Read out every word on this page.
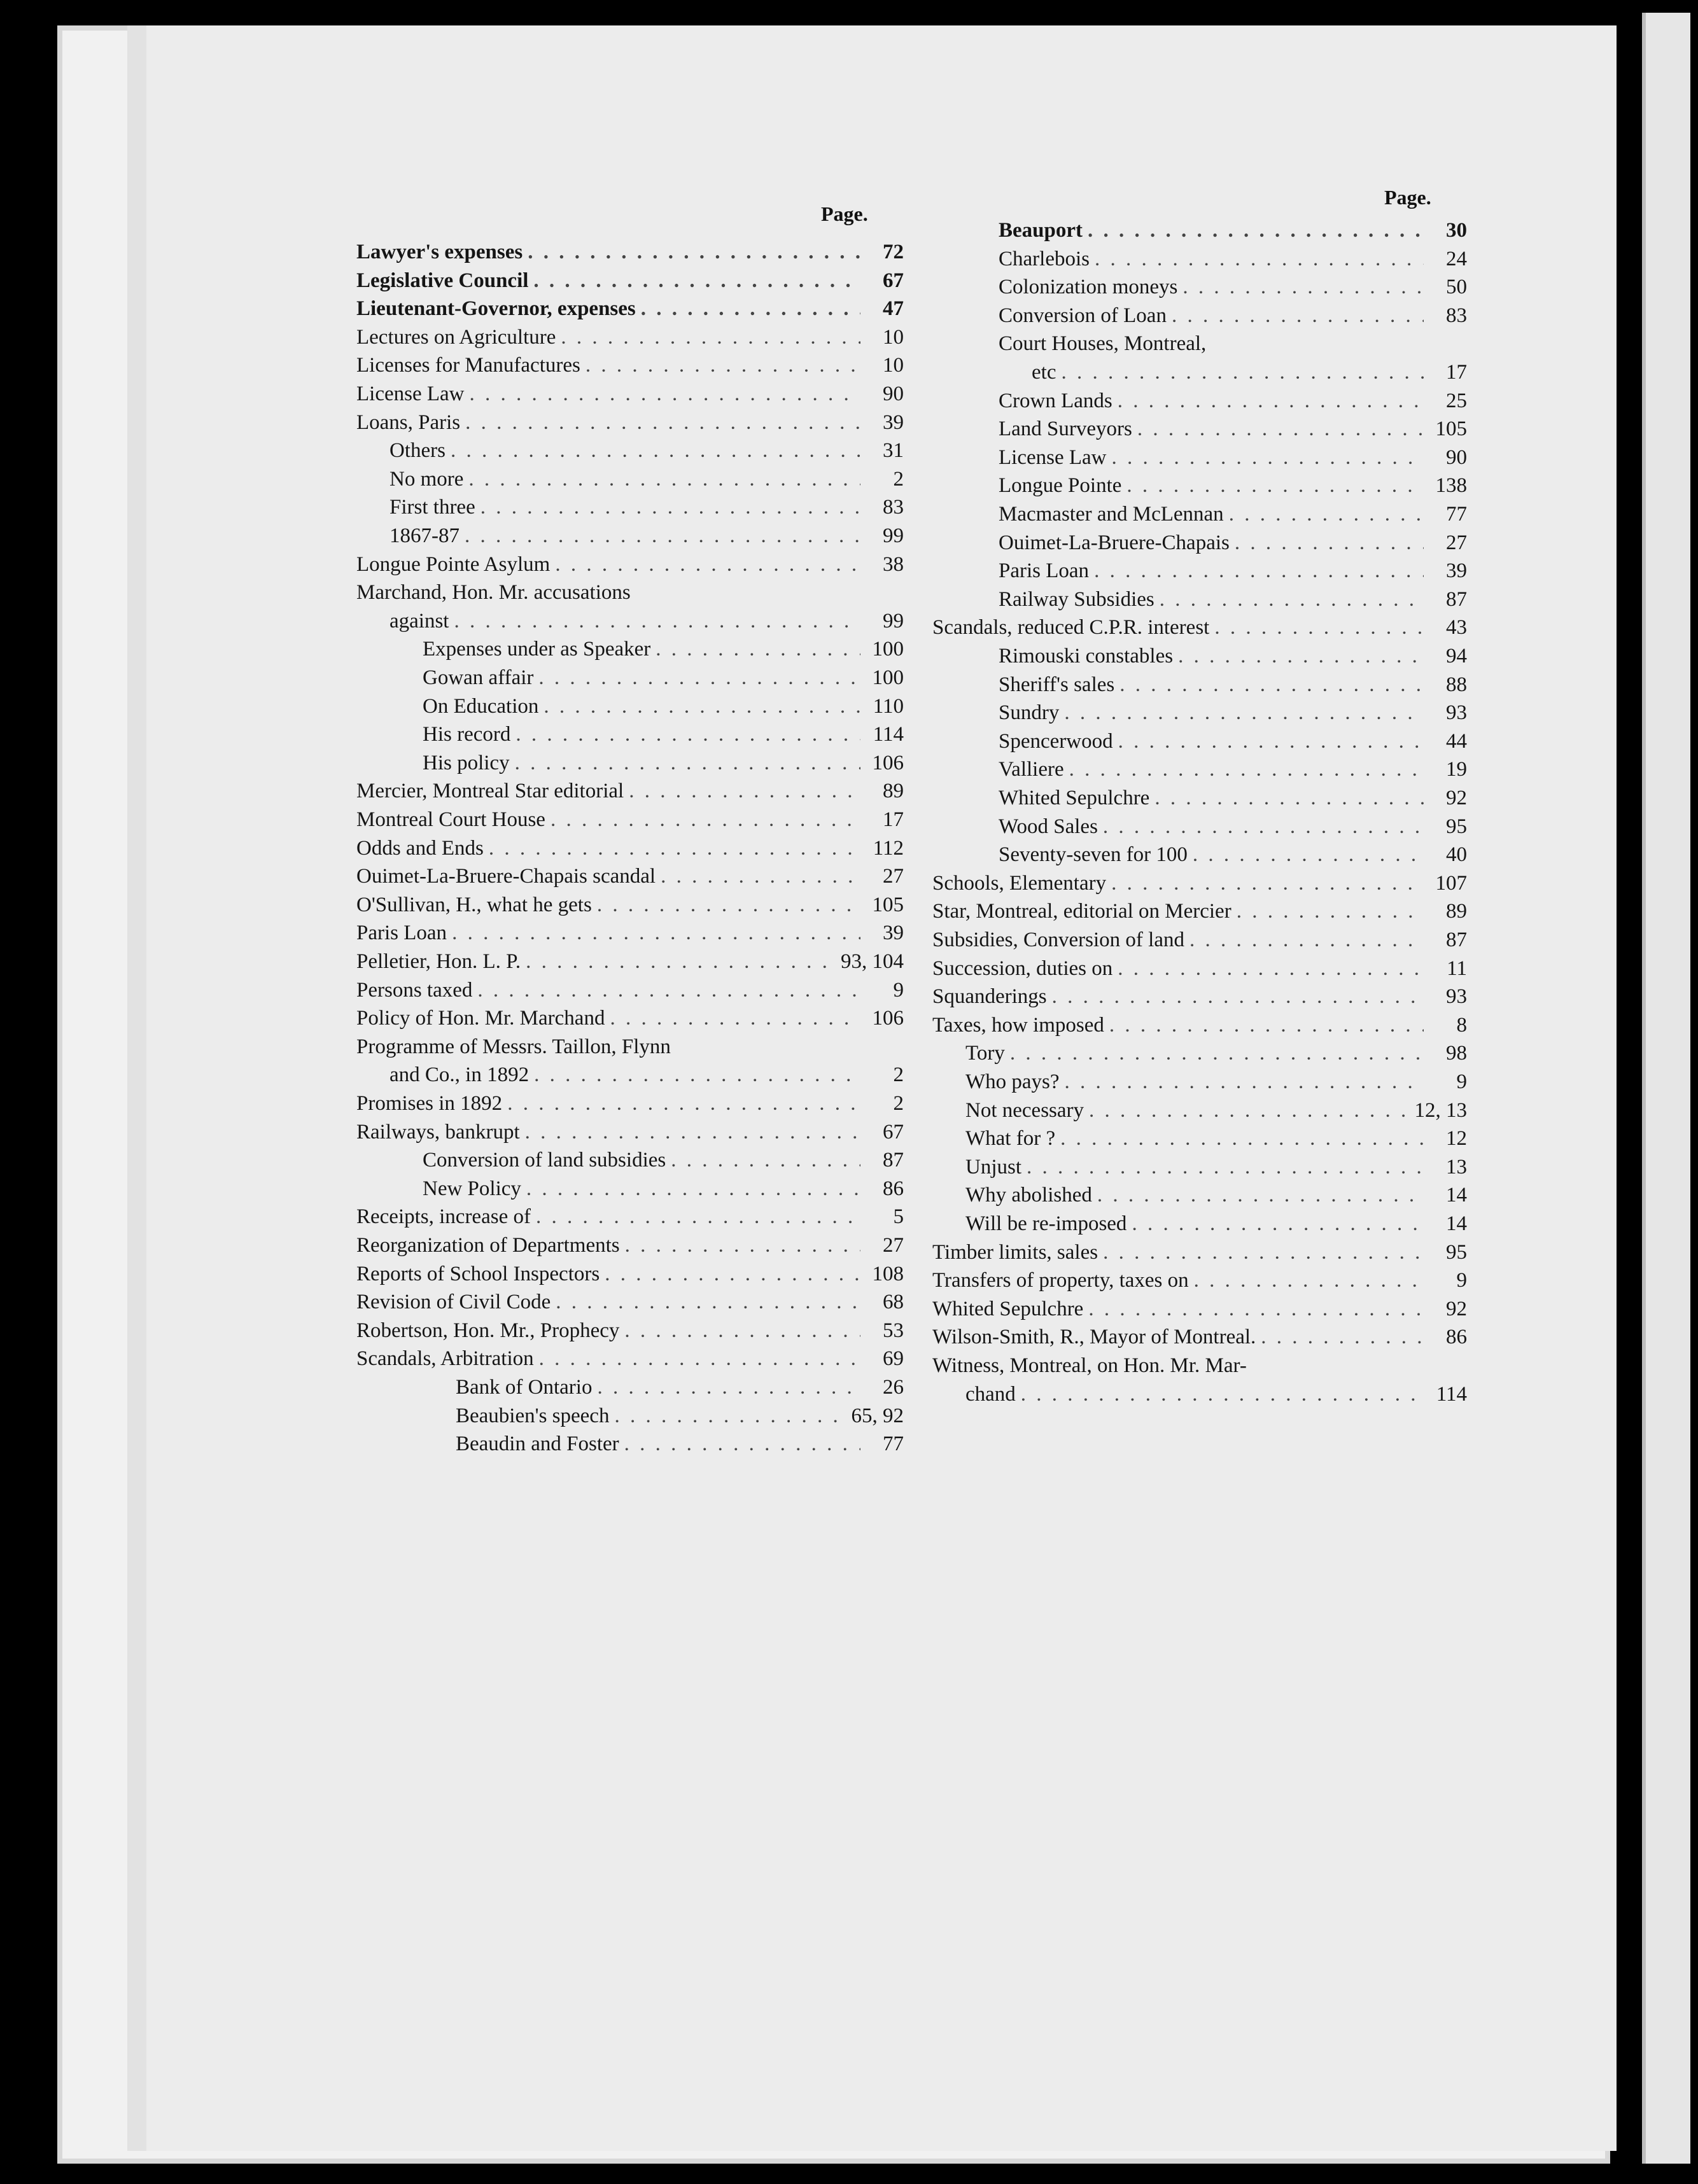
Page.
Lawyer's expenses . . .	72
Legislative Council . . .	67
Lieutenant-Governor, expenses . . .	47
Lectures on Agriculture . . .	10
Licenses for Manufactures . . .	10
License Law . . .	90
Loans, Paris . . .	39
Others . . .	31
No more . . .	2
First three . . .	83
1867-87 . . .	99
Longue Pointe Asylum . . .	38
Marchand, Hon. Mr. accusations
against . . .	99
Expenses under as Speaker . . .	100
Gowan affair . . .	100
On Education . . .	110
His record . . .	114
His policy . . .	106
Mercier, Montreal Star editorial . . .	89
Montreal Court House . . .	17
Odds and Ends . . .	112
Ouimet-La-Bruere-Chapais scandal . . .	27
O'Sullivan, H., what he gets . . .	105
Paris Loan . . .	39
Pelletier, Hon. L. P. . . .	93, 104
Persons taxed . . .	9
Policy of Hon. Mr. Marchand . . .	106
Programme of Messrs. Taillon, Flynn
and Co., in 1892 . . .	2
Promises in 1892 . . .	2
Railways, bankrupt . . .	67
Conversion of land subsidies . . .	87
New Policy . . .	86
Receipts, increase of . . .	5
Reorganization of Departments . . .	27
Reports of School Inspectors . . .	108
Revision of Civil Code . . .	68
Robertson, Hon. Mr., Prophecy . . .	53
Scandals, Arbitration . . .	69
Bank of Ontario . . .	26
Beaubien's speech . . .	65, 92
Beaudin and Foster . . .	77
Page.
Beauport . . .	30
Charlebois . . .	24
Colonization moneys . . .	50
Conversion of Loan . . .	83
Court Houses, Montreal,
etc . . .	17
Crown Lands . . .	25
Land Surveyors . . .	105
License Law . . .	90
Longue Pointe . . .	138
Macmaster and McLennan . . .	77
Ouimet-La-Bruere-Chapais . . .	27
Paris Loan . . .	39
Railway Subsidies . . .	87
Scandals, reduced C.P.R. interest . . .	43
Rimouski constables . . .	94
Sheriff's sales . . .	88
Sundry . . .	93
Spencerwood . . .	44
Valliere . . .	19
Whited Sepulchre . . .	92
Wood Sales . . .	95
Seventy-seven for 100 . . .	40
Schools, Elementary . . .	107
Star, Montreal, editorial on Mercier . . .	89
Subsidies, Conversion of land . . .	87
Succession, duties on . . .	11
Squanderings . . .	93
Taxes, how imposed . . .	8
Tory . . .	98
Who pays? . . .	9
Not necessary . . .	12, 13
What for ? . . .	12
Unjust . . .	13
Why abolished . . .	14
Will be re-imposed . . .	14
Timber limits, sales . . .	95
Transfers of property, taxes on . . .	9
Whited Sepulchre . . .	92
Wilson-Smith, R., Mayor of Montreal. . . .	86
Witness, Montreal, on Hon. Mr. Mar-
chand . . .	114
